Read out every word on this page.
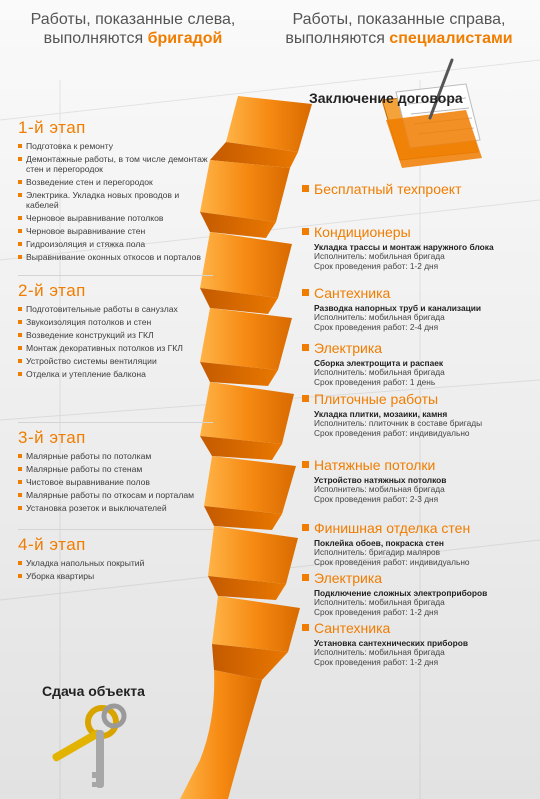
Работы, показанные слева,
выполняются бригадой
Работы, показанные справа,
выполняются специалистами
Заключение договора
1-й этап
Подготовка к ремонту
Демонтажные работы, в том числе демонтаж стен и перегородок
Возведение стен и перегородок
Электрика. Укладка новых проводов и кабелей
Черновое выравнивание потолков
Черновое выравнивание стен
Гидроизоляция и стяжка пола
Выравнивание оконных откосов и порталов
2-й этап
Подготовительные работы в санузлах
Звукоизоляция потолков и стен
Возведение конструкций из ГКЛ
Монтаж декоративных потолков из ГКЛ
Устройство системы вентиляции
Отделка и утепление балкона
3-й этап
Малярные работы по потолкам
Малярные работы по стенам
Чистовое выравнивание полов
Малярные работы по откосам и порталам
Установка розеток и выключателей
4-й этап
Укладка напольных покрытий
Уборка квартиры
Бесплатный техпроект
Кондиционеры
Укладка трассы и монтаж наружного блока
Исполнитель: мобильная бригада
Срок проведения работ: 1-2 дня
Сантехника
Разводка напорных труб и канализации
Исполнитель: мобильная бригада
Срок проведения работ: 2-4 дня
Электрика
Сборка электрощита и распаек
Исполнитель: мобильная бригада
Срок проведения работ: 1 день
Плиточные работы
Укладка плитки, мозаики, камня
Исполнитель: плиточник в составе бригады
Срок проведения работ: индивидуально
Натяжные потолки
Устройство натяжных потолков
Исполнитель: мобильная бригада
Срок проведения работ: 2-3 дня
Финишная отделка стен
Поклейка обоев, покраска стен
Исполнитель: бригадир маляров
Срок проведения работ: индивидуально
Электрика
Подключение сложных электроприборов
Исполнитель: мобильная бригада
Срок проведения работ: 1-2 дня
Сантехника
Установка сантехнических приборов
Исполнитель: мобильная бригада
Срок проведения работ: 1-2 дня
Сдача объекта
